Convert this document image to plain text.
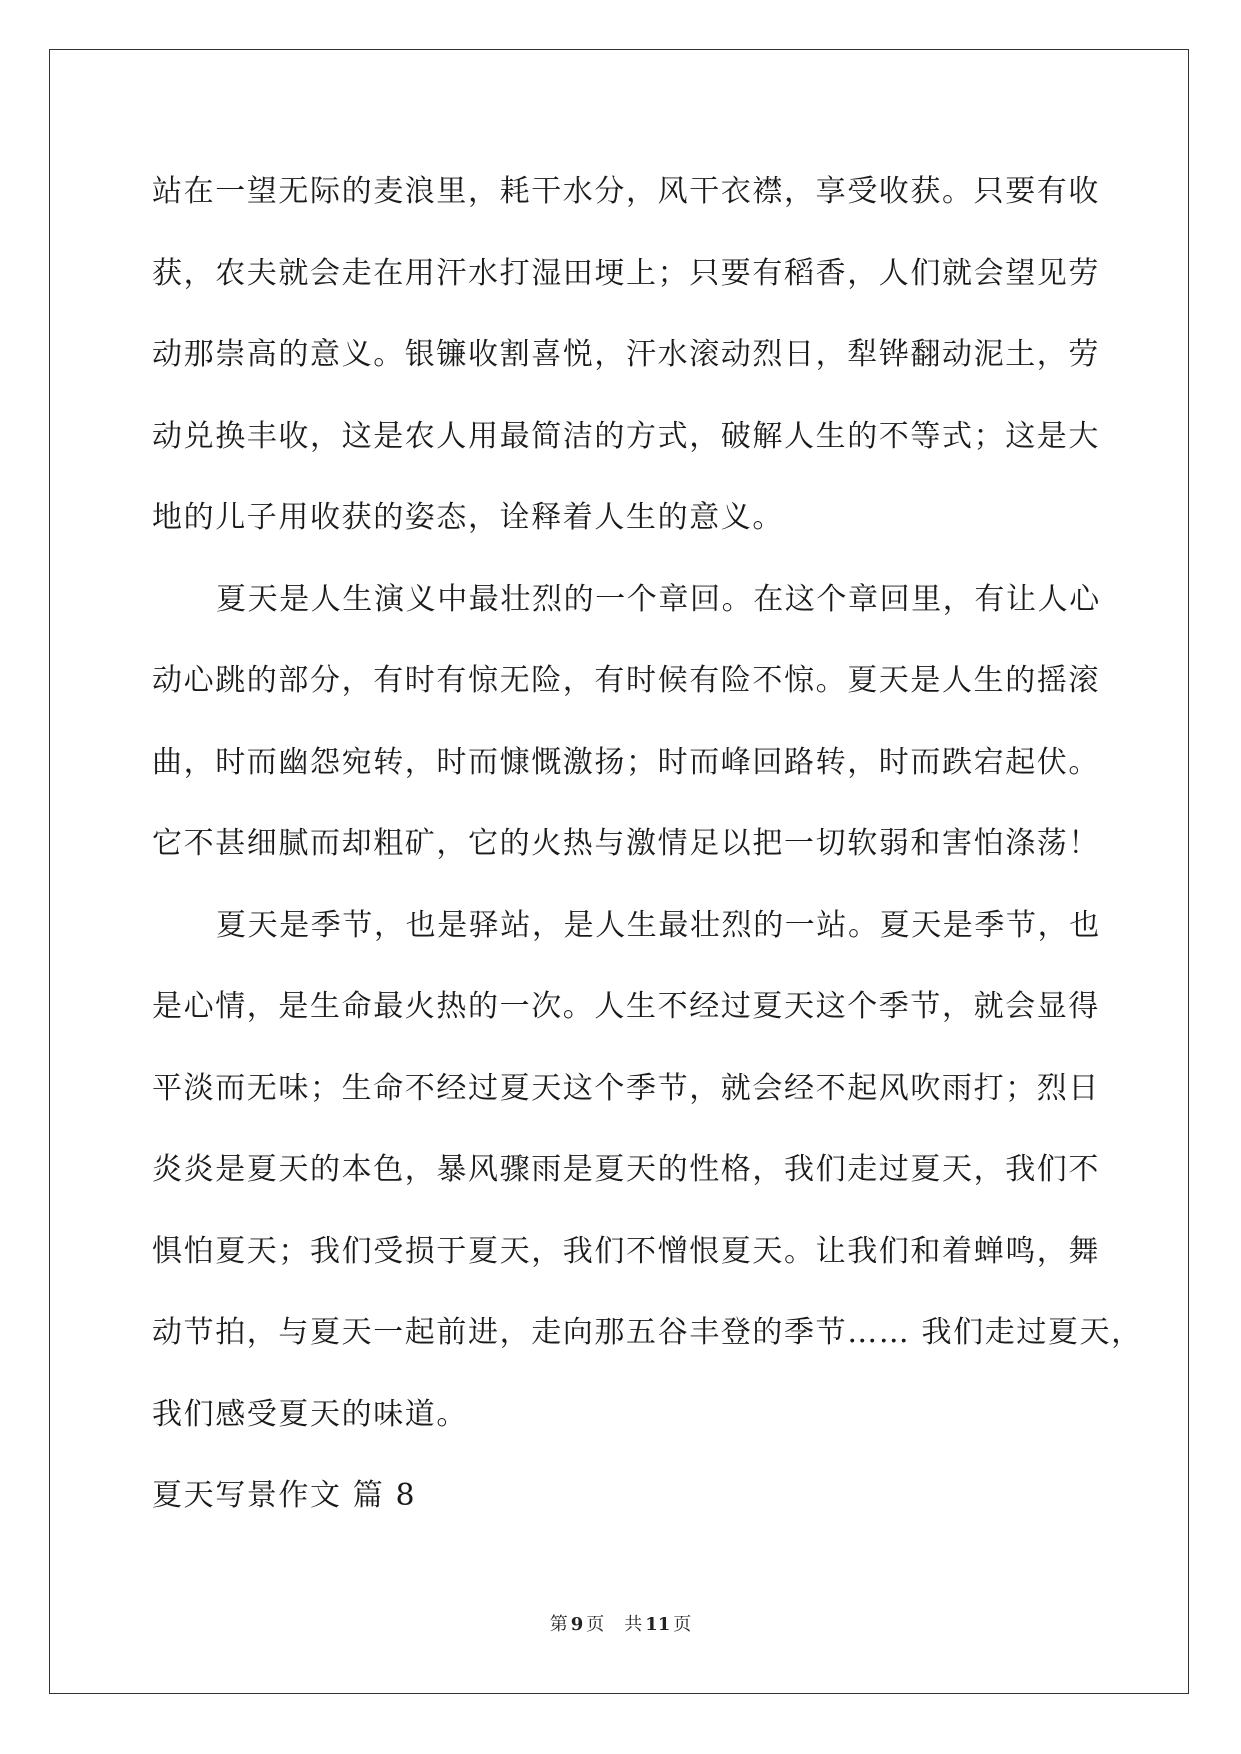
站在一望无际的麦浪里，耗干水分，风干衣襟，享受收获。只要有收
获，农夫就会走在用汗水打湿田埂上；只要有稻香，人们就会望见劳
动那崇高的意义。银镰收割喜悦，汗水滚动烈日，犁铧翻动泥土，劳
动兑换丰收，这是农人用最简洁的方式，破解人生的不等式；这是大
地的儿子用收获的姿态，诠释着人生的意义。
夏天是人生演义中最壮烈的一个章回。在这个章回里，有让人心
动心跳的部分，有时有惊无险，有时候有险不惊。夏天是人生的摇滚
曲，时而幽怨宛转，时而慷慨激扬；时而峰回路转，时而跌宕起伏。
它不甚细腻而却粗矿，它的火热与激情足以把一切软弱和害怕涤荡！
夏天是季节，也是驿站，是人生最壮烈的一站。夏天是季节，也
是心情，是生命最火热的一次。人生不经过夏天这个季节，就会显得
平淡而无味；生命不经过夏天这个季节，就会经不起风吹雨打；烈日
炎炎是夏天的本色，暴风骤雨是夏天的性格，我们走过夏天，我们不
惧怕夏天；我们受损于夏天，我们不憎恨夏天。让我们和着蝉鸣，舞
动节拍，与夏天一起前进，走向那五谷丰登的季节…… 我们走过夏天，
我们感受夏天的味道。
夏天写景作文 篇 8
第 9 页 共 11 页
